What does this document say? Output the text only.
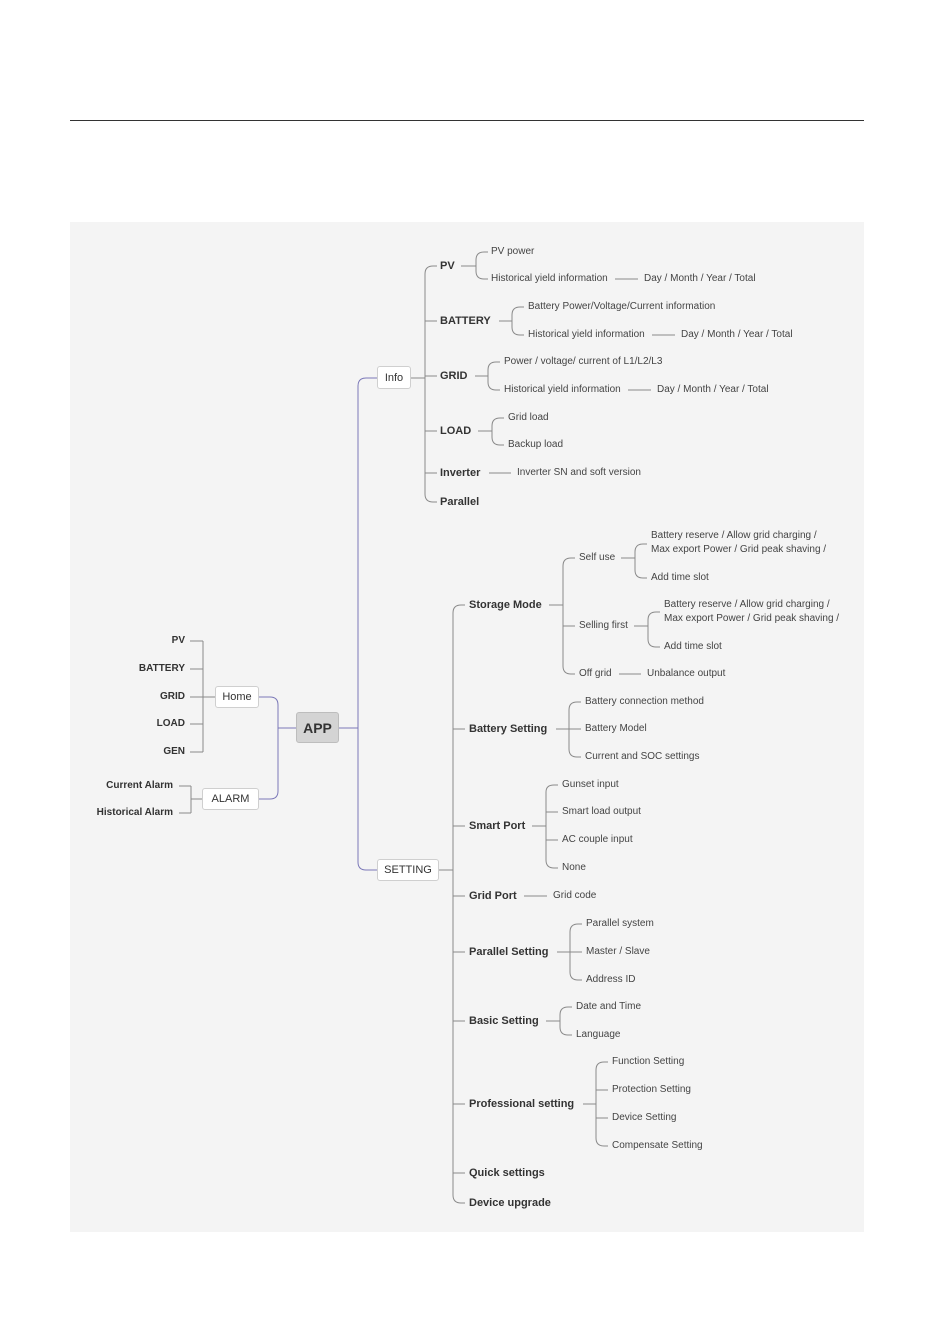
APP
Home
ALARM
Info
SETTING
PV
BATTERY
GRID
LOAD
GEN
Current Alarm
Historical Alarm
PV
PV power
Historical yield information	Day / Month / Year / Total
BATTERY
Battery Power/Voltage/Current information
Historical yield information	Day / Month / Year / Total
GRID
Power / voltage/ current of L1/L2/L3
Historical yield information	Day / Month / Year / Total
LOAD
Grid load
Backup load
Inverter	Inverter SN and soft version
Parallel
Storage Mode
Self use
Battery reserve / Allow grid charging /
Max export Power / Grid peak shaving /
Add time slot
Selling first
Battery reserve / Allow grid charging /
Max export Power / Grid peak shaving /
Add time slot
Off grid	Unbalance output
Battery Setting
Battery connection method
Battery Model
Current and SOC settings
Smart Port
Gunset input
Smart load output
AC couple input
None
Grid Port	Grid code
Parallel Setting
Parallel system
Master / Slave
Address ID
Basic Setting
Date and Time
Language
Professional setting
Function Setting
Protection Setting
Device Setting
Compensate Setting
Quick settings
Device upgrade
